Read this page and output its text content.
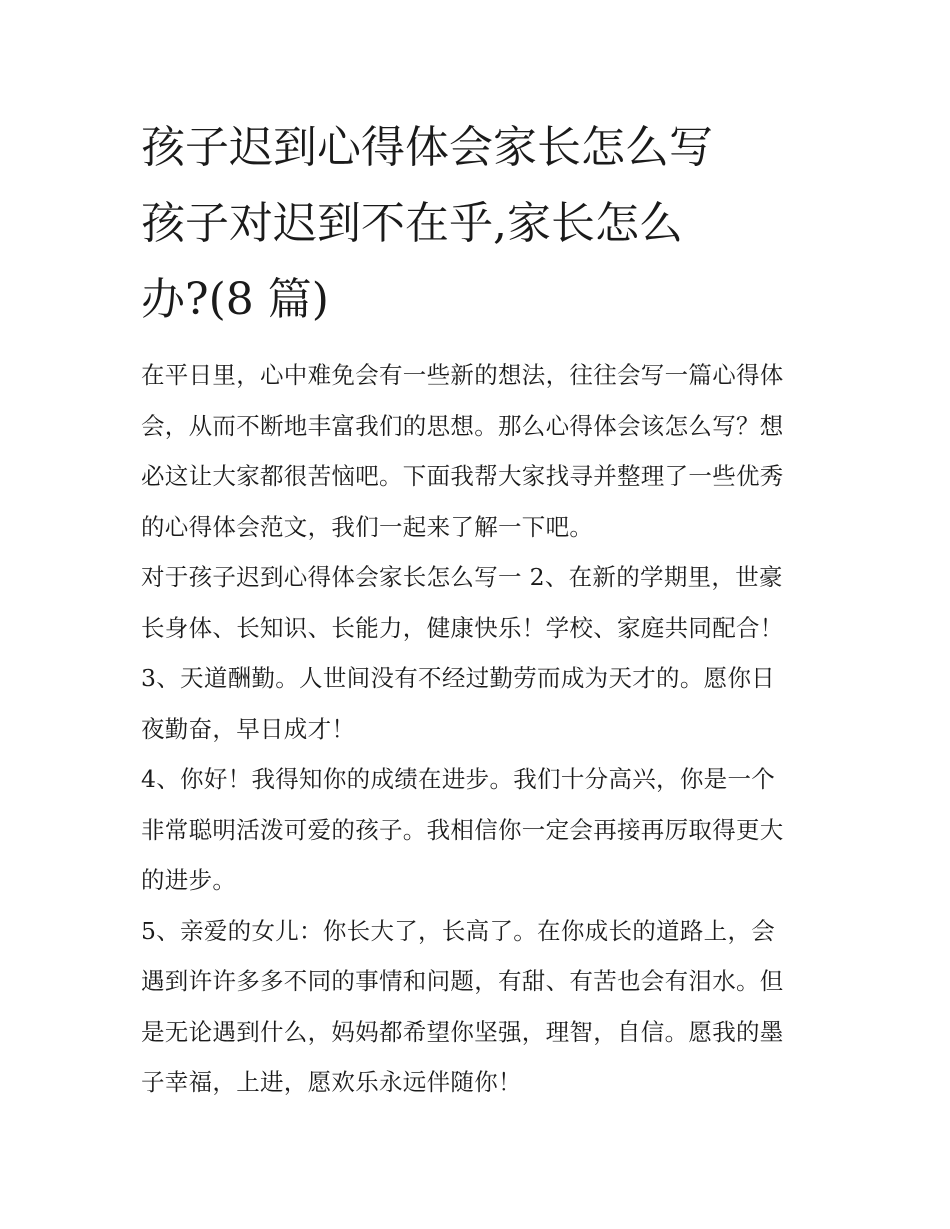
孩子迟到心得体会家长怎么写
孩子对迟到不在乎,家长怎么
办?(8 篇)

在平日里，心中难免会有一些新的想法，往往会写一篇心得体
会，从而不断地丰富我们的思想。那么心得体会该怎么写？想
必这让大家都很苦恼吧。下面我帮大家找寻并整理了一些优秀
的心得体会范文，我们一起来了解一下吧。

对于孩子迟到心得体会家长怎么写一 2、在新的学期里，世豪
长身体、长知识、长能力，健康快乐！学校、家庭共同配合！

3、天道酬勤。人世间没有不经过勤劳而成为天才的。愿你日
夜勤奋，早日成才！

4、你好！我得知你的成绩在进步。我们十分高兴，你是一个
非常聪明活泼可爱的孩子。我相信你一定会再接再厉取得更大
的进步。

5、亲爱的女儿：你长大了，长高了。在你成长的道路上，会
遇到许许多多不同的事情和问题，有甜、有苦也会有泪水。但
是无论遇到什么，妈妈都希望你坚强，理智，自信。愿我的墨
子幸福，上进，愿欢乐永远伴随你！
